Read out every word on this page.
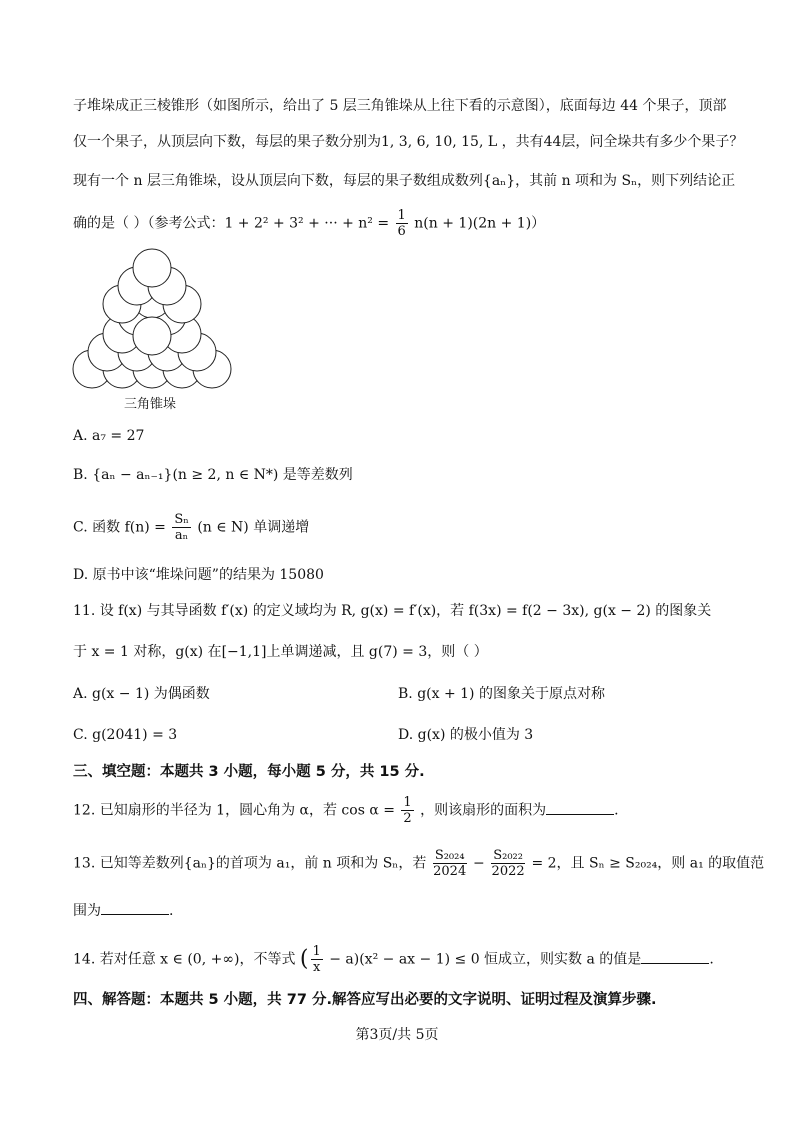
子堆垛成正三棱锥形（如图所示，给出了 5 层三角锥垛从上往下看的示意图），底面每边 44 个果子，顶部
仅一个果子，从顶层向下数，每层的果子数分别为1, 3, 6, 10, 15, L ，共有44层，问全垛共有多少个果子？
现有一个 n 层三角锥垛，设从顶层向下数，每层的果子数组成数列{aₙ}，其前 n 项和为 Sₙ，则下列结论正
确的是（ ）（参考公式：1 + 2² + 3² + ··· + $n^2 = \frac{1}{6} n(n + 1)(2n + 1)$）
三角锥垛
A. a₇ = 27
B. {aₙ − aₙ₋₁}(n ≥ 2, n ∈ N*) 是等差数列
C. 函数 $f(n) = \frac{\text{Sₙ}}{\text{aₙ}} (n$ ∈ N) 单调递增
D. 原书中该“堆垛问题”的结果为 15080
11. 设 f(x) 与其导函数 f′(x) 的定义域均为 R, g(x) = f′(x)，若 f(3x) = f(2 − 3x), g(x − 2) 的图象关
于 x = 1 对称，g(x) 在[−1,1]上单调递减，且 g(7) = 3，则（ ）
A. g(x − 1) 为偶函数	B. g(x + 1) 的图象关于原点对称
C. g(2041) = 3	D. g(x) 的极小值为 3
三、填空题：本题共 3 小题，每小题 5 分，共 15 分.
12. 已知扇形的半径为 1，圆心角为 α，若 $\cos \alpha = \frac{1}{2}$ ，则该扇形的面积为	.
13. 已知等差数列{aₙ}的首项为 a₁，前 n 项和为 Sₙ，若 $\frac{\text{S₂₀₂₄}}{2024} - \frac{\text{S₂₀₂₂}}{2022} = 2$，且 Sₙ ≥ S₂₀₂₄，则 a₁ 的取值范
围为	.
14. 若对任意 x ∈ (0, +∞)，不等式 ( $\frac{1}{x} - a)(x^2$ − ax − 1) ≤ 0 恒成立，则实数 a 的值是	.
四、解答题：本题共 5 小题，共 77 分.解答应写出必要的文字说明、证明过程及演算步骤.
第3页/共 5页
